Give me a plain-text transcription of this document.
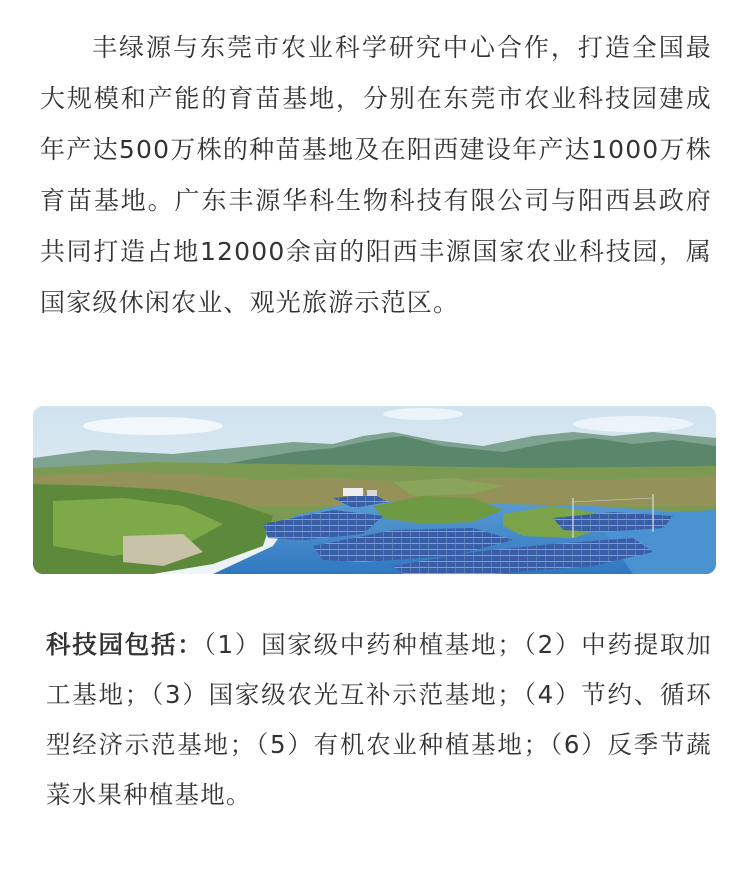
丰绿源与东莞市农业科学研究中心合作，打造全国最大规模和产能的育苗基地，分别在东莞市农业科技园建成年产达500万株的种苗基地及在阳西建设年产达1000万株育苗基地。广东丰源华科生物科技有限公司与阳西县政府共同打造占地12000余亩的阳西丰源国家农业科技园，属国家级休闲农业、观光旅游示范区。

科技园包括：（1）国家级中药种植基地；（2）中药提取加工基地；（3）国家级农光互补示范基地；（4）节约、循环型经济示范基地；（5）有机农业种植基地；（6）反季节蔬菜水果种植基地。
